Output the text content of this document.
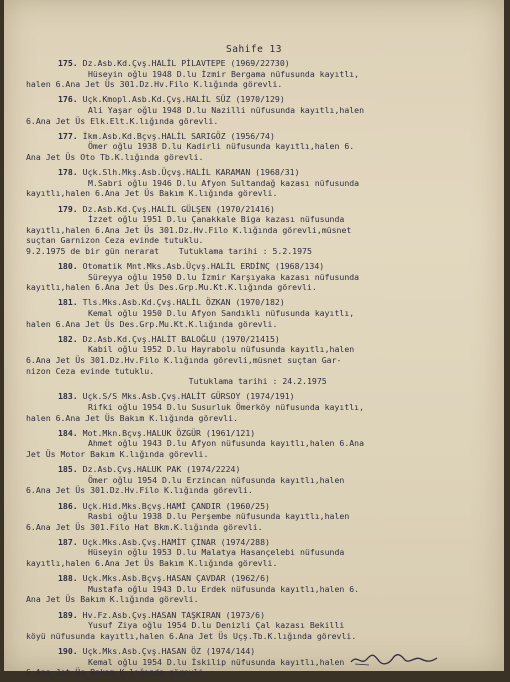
Sahife 13
175. Dz.Asb.Kd.Çvş.HALİL PİLAVTEPE (1969/22730)
Hüseyin oğlu 1948 D.lu İzmir Bergama nüfusunda kayıtlı,
halen 6.Ana Jet Üs 301.Dz.Hv.Filo K.lığında görevli.
176. Uçk.Kmopl.Asb.Kd.Çvş.HALİL SÜZ (1970/129)
Ali Yaşar oğlu 1948 D.lu Nazilli nüfusunda kayıtlı,halen
6.Ana Jet Üs Elk.Elt.K.lığında görevli.
177. İkm.Asb.Kd.Bçvş.HALİL SARIGÖZ (1956/74)
Ömer oğlu 1938 D.lu Kadirli nüfusunda kayıtlı,halen 6.
Ana Jet Üs Oto Tb.K.lığında görevli.
178. Uçk.Slh.Mkş.Asb.Üçvş.HALİL KARAMAN (1968/31)
M.Sabri oğlu 1946 D.lu Afyon Sultandağ kazası nüfusunda
kayıtlı,halen 6.Ana Jet Üs Bakım K.lığında görevli.
179. Dz.Asb.Kd.Çvş.HALİL GÜLŞEN (1970/21416)
İzzet oğlu 1951 D.lu Çanakkale Biga kazası nüfusunda
kayıtlı,halen 6.Ana Jet Üs 301.Dz.Hv.Filo K.lığında görevli,müsnet
suçtan Garnizon Ceza evinde tutuklu.
9.2.1975 de bir gün nerarat    Tutuklama tarihi : 5.2.1975
180. Otomatik Mnt.Mks.Asb.Üçvş.HALİL ERDİNÇ (1968/134)
Süreyya oğlu 1950 D.lu İzmir Karşıyaka kazası nüfusunda
kayıtlı,halen 6.Ana Jet Üs Des.Grp.Mu.Kt.K.lığında görevli.
181. Tls.Mks.Asb.Kd.Çvş.HALİL ÖZKAN (1970/182)
Kemal oğlu 1950 D.lu Afyon Sandıklı nüfusunda kayıtlı,
halen 6.Ana Jet Üs Des.Grp.Mu.Kt.K.lığında görevli.
182. Dz.Asb.Kd.Çvş.HALİT BALOĞLU (1970/21415)
Kabil oğlu 1952 D.lu Hayrabolu nüfusunda kayıtlı,halen
6.Ana Jet Üs 301.Dz.Hv.Filo K.lığında görevli,müsnet suçtan Gar-
nizon Ceza evinde tutuklu.
Tutuklama tarihi : 24.2.1975
183. Uçk.S/S Mks.Asb.Çvş.HALİT GÜRSOY (1974/191)
Rifki oğlu 1954 D.lu Susurluk Ömerköy nüfusunda kayıtlı,
halen 6.Ana Jet Üs Bakım K.lığında görevli.
184. Mot.Mkn.Bçvş.HALUK ÖZGÜR (1961/121)
Ahmet oğlu 1943 D.lu Afyon nüfusunda kayıtlı,halen 6.Ana
Jet Üs Motor Bakım K.lığında görevli.
185. Dz.Asb.Çvş.HALUK PAK (1974/2224)
Ömer oğlu 1954 D.lu Erzincan nüfusunda kayıtlı,halen
6.Ana Jet Üs 301.Dz.Hv.Filo K.lığında görevli.
186. Uçk.Hid.Mks.Bçvş.HAMİ ÇANDIR (1960/25)
Rasbi oğlu 1938 D.lu Perşembe nüfusunda kayıtlı,halen
6.Ana Jet Üs 301.Filo Hat Bkm.K.lığında görevli.
187. Uçk.Mks.Asb.Çvş.HAMİT ÇINAR (1974/288)
Hüseyin oğlu 1953 D.lu Malatya Hasançelebi nüfusunda
kayıtlı,halen 6.Ana Jet Üs Bakım K.lığında görevli.
188. Uçk.Mks.Asb.Bçvş.HASAN ÇAVDAR (1962/6)
Mustafa oğlu 1943 D.lu Erdek nüfusunda kayıtlı,halen 6.
Ana Jet Üs Bakım K.lığında görevli.
189. Hv.Fz.Asb.Çvş.HASAN TAŞKIRAN (1973/6)
Yusuf Ziya oğlu 1954 D.lu Denizli Çal kazası Bekilli
köyü nüfusunda kayıtlı,halen 6.Ana Jet Üs Uçş.Tb.K.lığında görevli.
190. Uçk.Mks.Asb.Çvş.HASAN ÖZ (1974/144)
Kemal oğlu 1954 D.lu İskilip nüfusunda kayıtlı,halen
6.Ana Jet Üs Bakım K.lığında görevli.
